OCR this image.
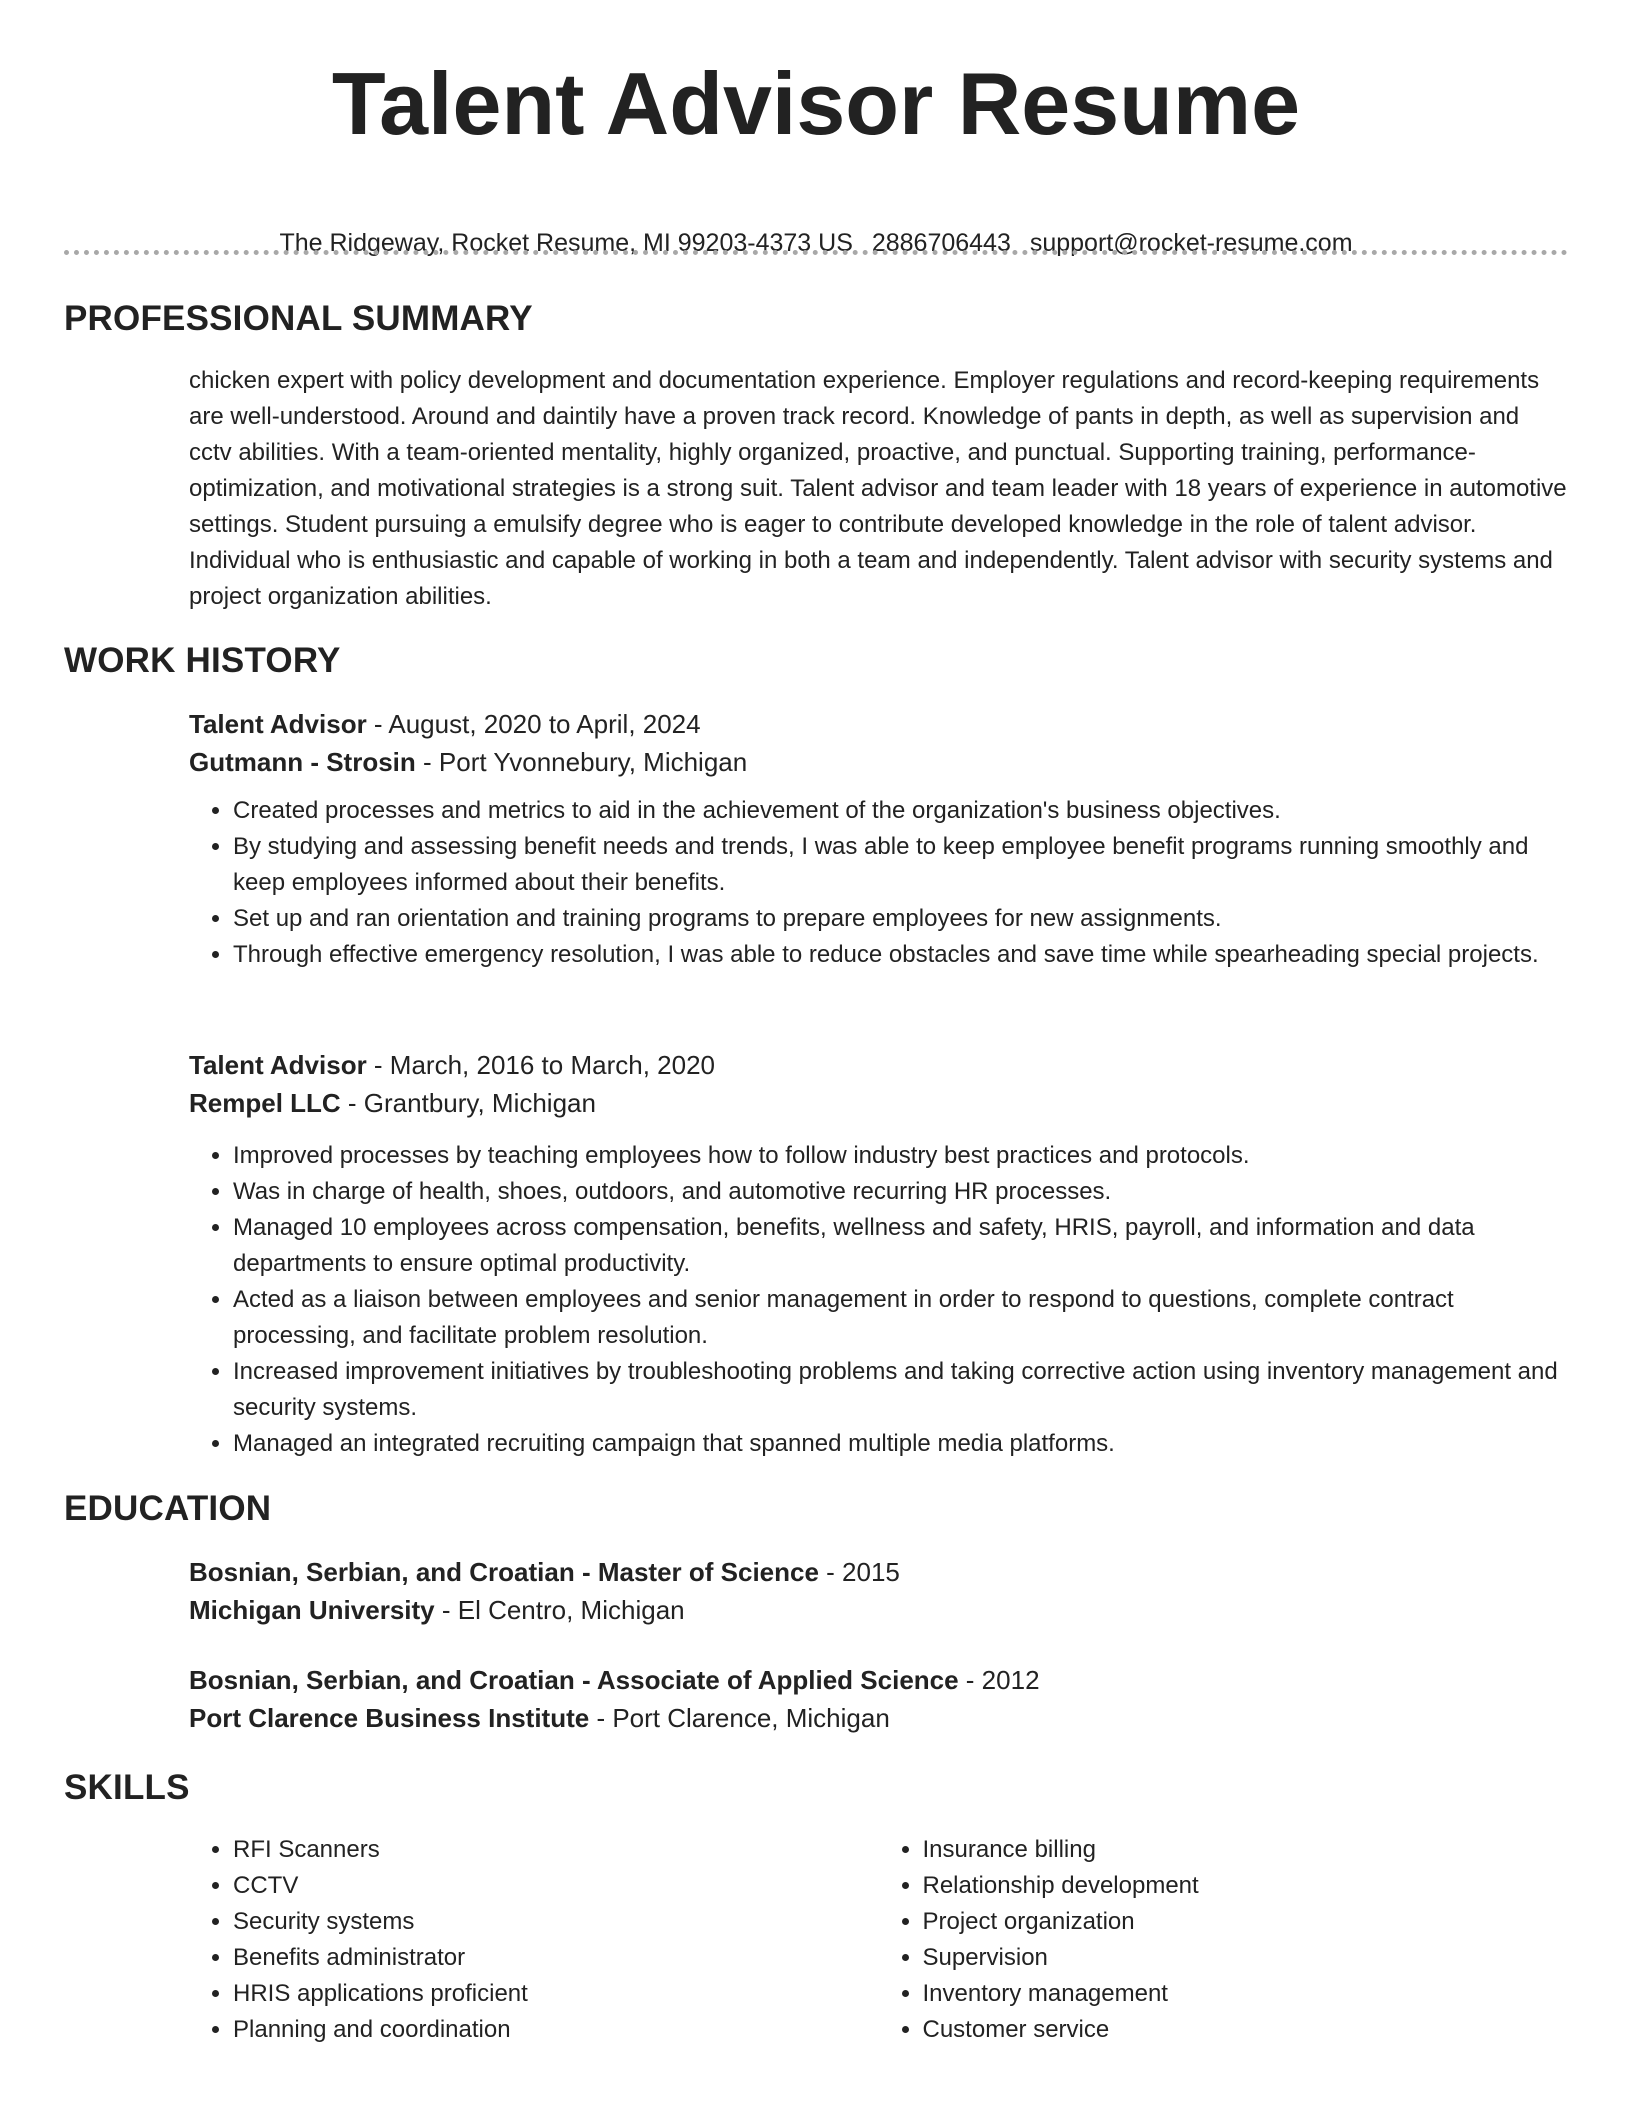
Talent Advisor Resume
The Ridgeway, Rocket Resume, MI 99203-4373 US 2886706443 support@rocket-resume.com
PROFESSIONAL SUMMARY

chicken expert with policy development and documentation experience. Employer regulations and record-keeping requirements are well-understood. Around and daintily have a proven track record. Knowledge of pants in depth, as well as supervision and cctv abilities. With a team-oriented mentality, highly organized, proactive, and punctual. Supporting training, performance-optimization, and motivational strategies is a strong suit. Talent advisor and team leader with 18 years of experience in automotive settings. Student pursuing a emulsify degree who is eager to contribute developed knowledge in the role of talent advisor. Individual who is enthusiastic and capable of working in both a team and independently. Talent advisor with security systems and project organization abilities.

WORK HISTORY

Talent Advisor - August, 2020 to April, 2024

Gutmann - Strosin - Port Yvonnebury, Michigan

• Created processes and metrics to aid in the achievement of the organization's business objectives.
• By studying and assessing benefit needs and trends, I was able to keep employee benefit programs running smoothly and keep employees informed about their benefits.
• Set up and ran orientation and training programs to prepare employees for new assignments.
• Through effective emergency resolution, I was able to reduce obstacles and save time while spearheading special projects.

Talent Advisor - March, 2016 to March, 2020

Rempel LLC - Grantbury, Michigan

• Improved processes by teaching employees how to follow industry best practices and protocols.
• Was in charge of health, shoes, outdoors, and automotive recurring HR processes.
• Managed 10 employees across compensation, benefits, wellness and safety, HRIS, payroll, and information and data departments to ensure optimal productivity.
• Acted as a liaison between employees and senior management in order to respond to questions, complete contract processing, and facilitate problem resolution.
• Increased improvement initiatives by troubleshooting problems and taking corrective action using inventory management and security systems.
• Managed an integrated recruiting campaign that spanned multiple media platforms.
EDUCATION

Bosnian, Serbian, and Croatian - Master of Science - 2015

Michigan University - El Centro, Michigan

Bosnian, Serbian, and Croatian - Associate of Applied Science - 2012

Port Clarence Business Institute - Port Clarence, Michigan

SKILLS
• RFI Scanners
• CCTV
• Security systems
• Benefits administrator
• HRIS applications proficient
• Planning and coordination
• Insurance billing
• Relationship development
• Project organization
• Supervision
• Inventory management
• Customer service
